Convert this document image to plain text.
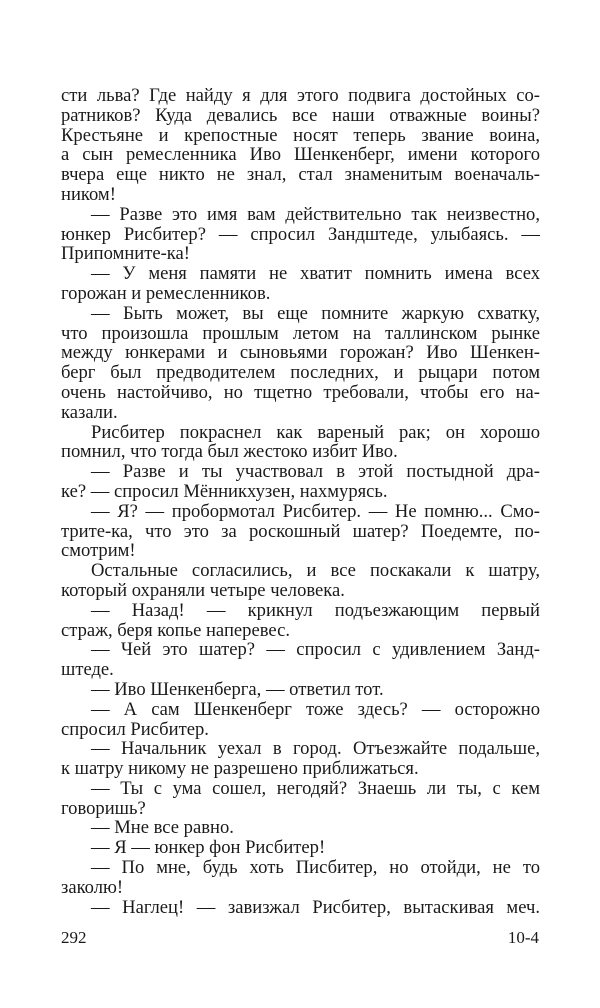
сти льва? Где найду я для этого подвига достойных со-
ратников? Куда девались все наши отважные воины?
Крестьяне и крепостные носят теперь звание воина,
а сын ремесленника Иво Шенкенберг, имени которого
вчера еще никто не знал, стал знаменитым военачаль-
ником!
— Разве это имя вам действительно так неизвестно,
юнкер Рисбитер? — спросил Зандштеде, улыбаясь. —
Припомните-ка!
— У меня памяти не хватит помнить имена всех
горожан и ремесленников.
— Быть может, вы еще помните жаркую схватку,
что произошла прошлым летом на таллинском рынке
между юнкерами и сыновьями горожан? Иво Шенкен-
берг был предводителем последних, и рыцари потом
очень настойчиво, но тщетно требовали, чтобы его на-
казали.
Рисбитер покраснел как вареный рак; он хорошо
помнил, что тогда был жестоко избит Иво.
— Разве и ты участвовал в этой постыдной дра-
ке? — спросил Мённикхузен, нахмурясь.
— Я? — пробормотал Рисбитер. — Не помню... Смо-
трите-ка, что это за роскошный шатер? Поедемте, по-
смотрим!
Остальные согласились, и все поскакали к шатру,
который охраняли четыре человека.
— Назад! — крикнул подъезжающим первый
страж, беря копье наперевес.
— Чей это шатер? — спросил с удивлением Занд-
штеде.
— Иво Шенкенберга, — ответил тот.
— А сам Шенкенберг тоже здесь? — осторожно
спросил Рисбитер.
— Начальник уехал в город. Отъезжайте подальше,
к шатру никому не разрешено приближаться.
— Ты с ума сошел, негодяй? Знаешь ли ты, с кем
говоришь?
— Мне все равно.
— Я — юнкер фон Рисбитер!
— По мне, будь хоть Писбитер, но отойди, не то
заколю!
— Наглец! — завизжал Рисбитер, вытаскивая меч.
292	10-4
